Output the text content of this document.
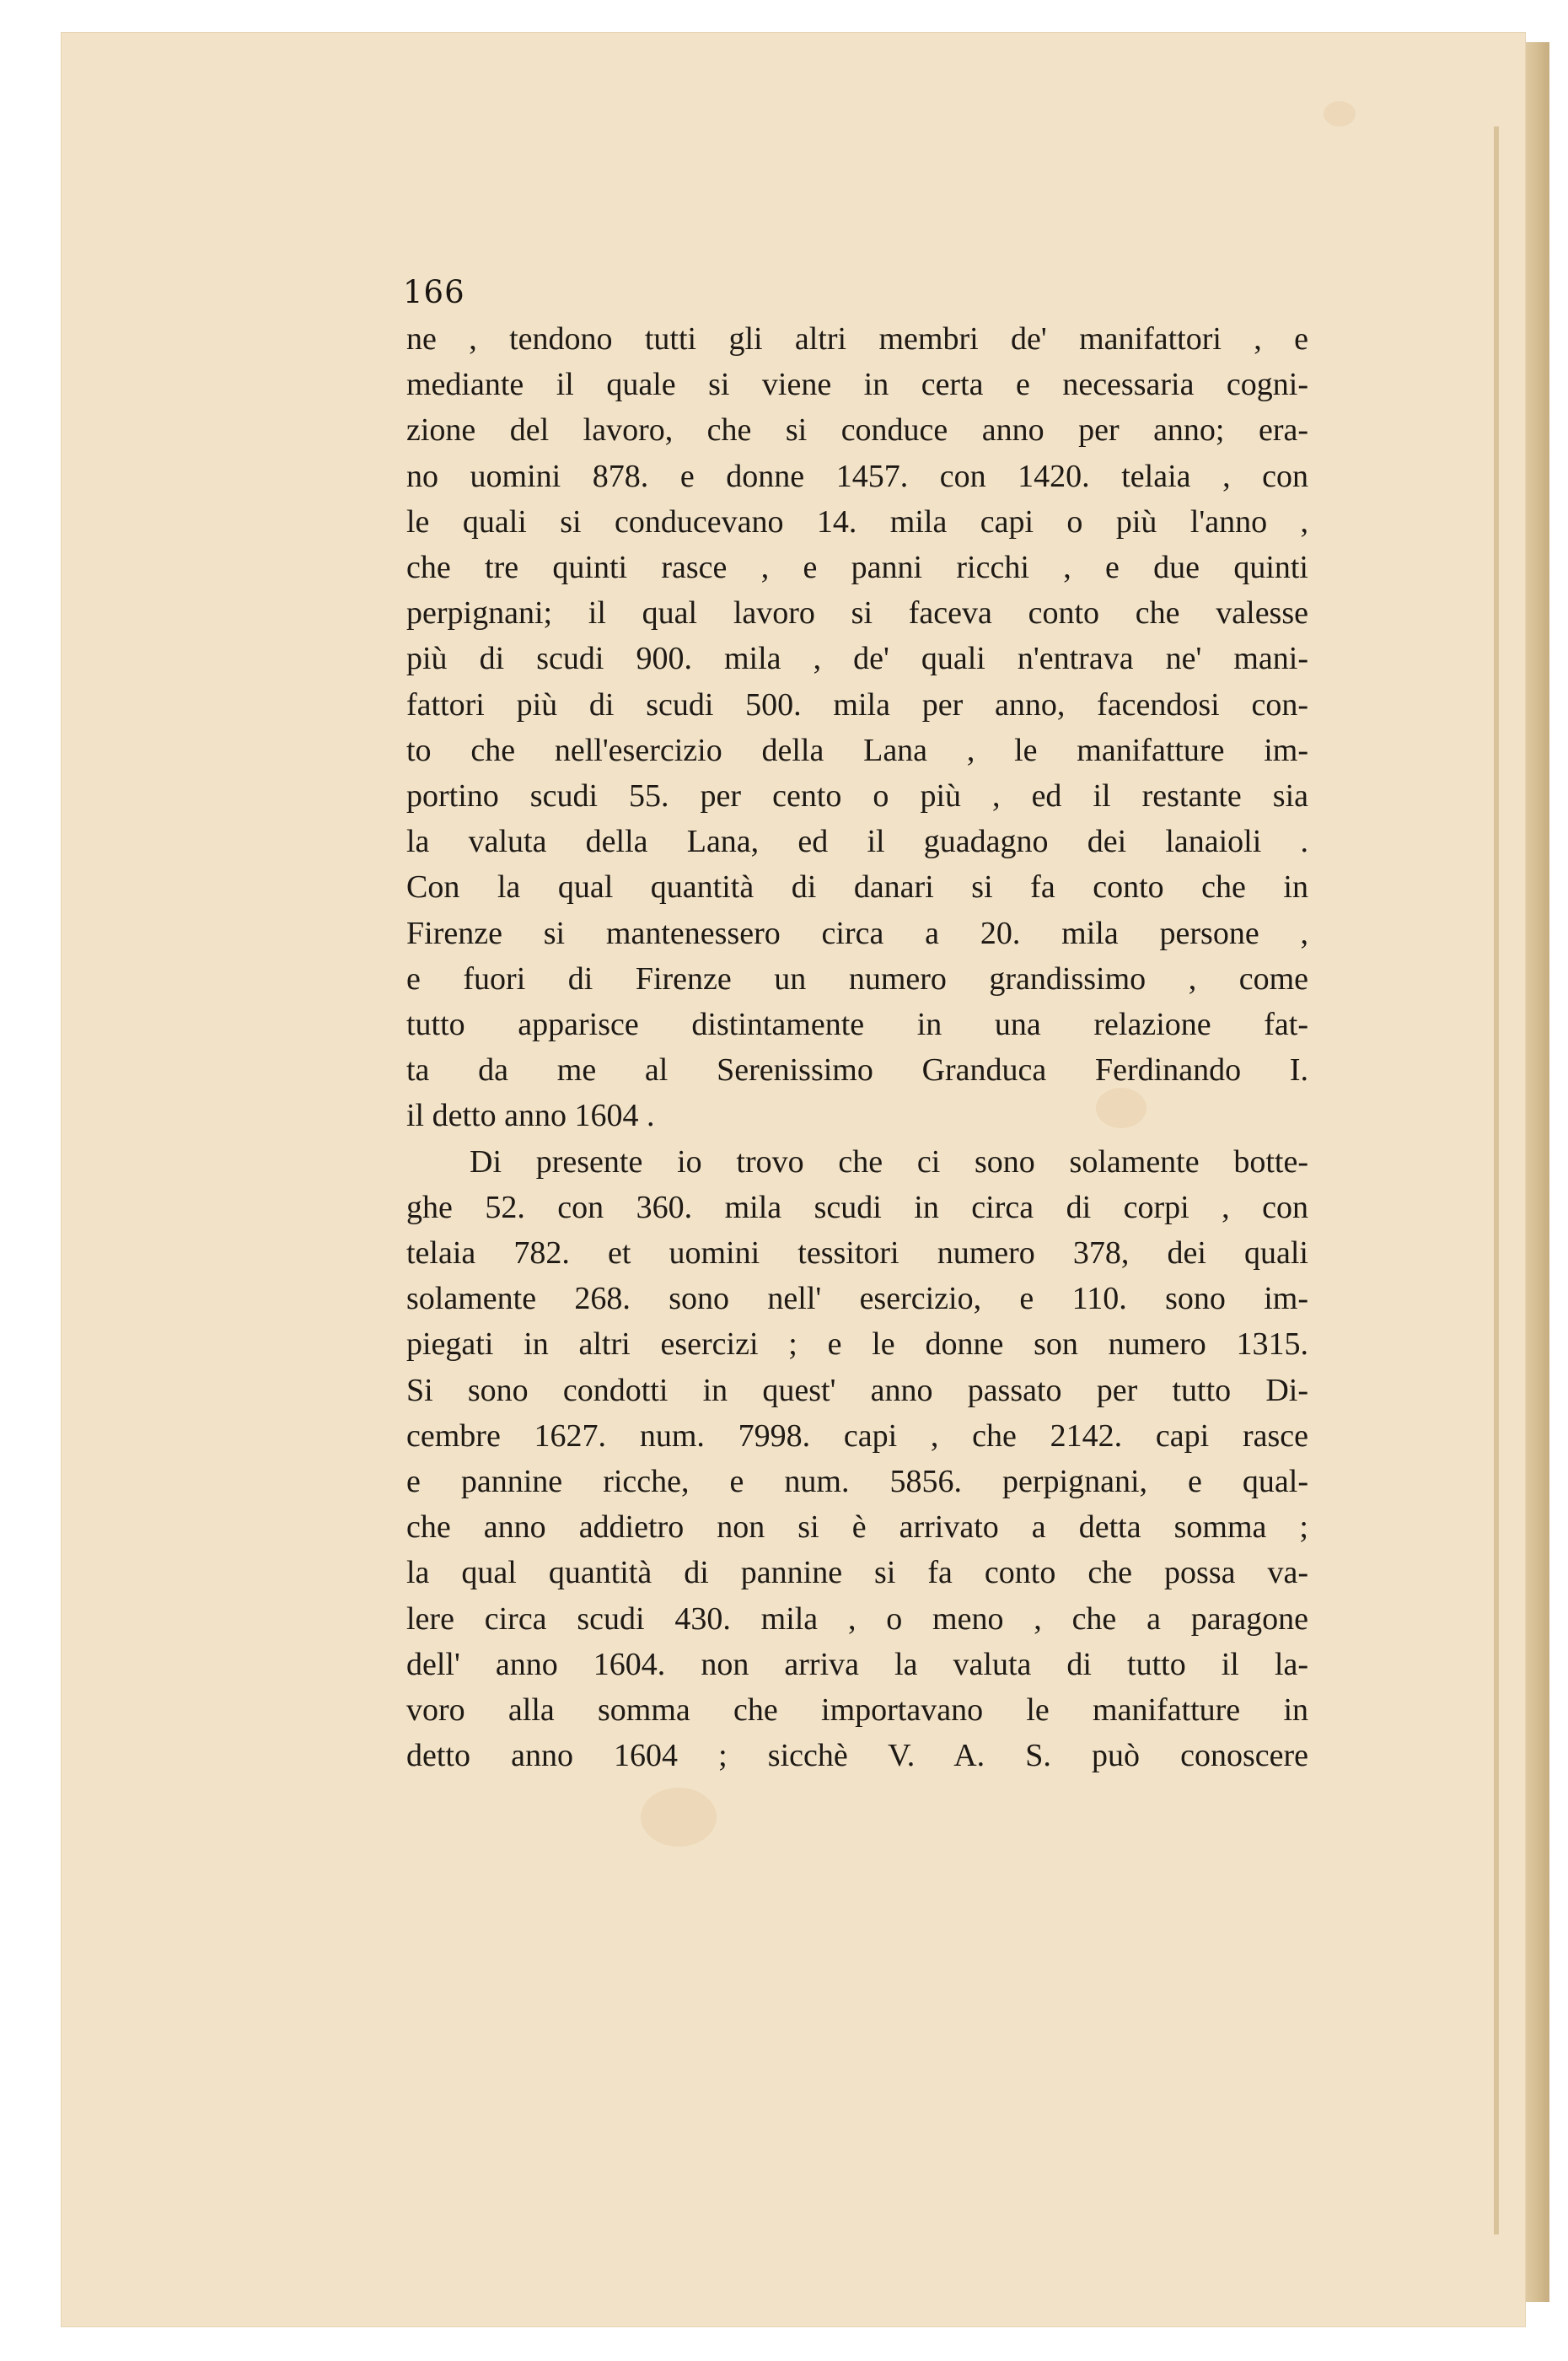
166
ne , tendono tutti gli altri membri de' manifattori , e
mediante il quale si viene in certa e necessaria cogni-
zione del lavoro, che si conduce anno per anno; era-
no uomini 878. e donne 1457. con 1420. telaia , con
le quali si conducevano 14. mila capi o più l'anno ,
che tre quinti rasce , e panni ricchi , e due quinti
perpignani; il qual lavoro si faceva conto che valesse
più di scudi 900. mila , de' quali n'entrava ne' mani-
fattori più di scudi 500. mila per anno, facendosi con-
to che nell'esercizio della Lana , le manifatture im-
portino scudi 55. per cento o più , ed il restante sia
la valuta della Lana, ed il guadagno dei lanaioli .
Con la qual quantità di danari si fa conto che in
Firenze si mantenessero circa a 20. mila persone ,
e fuori di Firenze un numero grandissimo , come
tutto apparisce distintamente in una relazione fat-
ta da me al Serenissimo Granduca Ferdinando I.
il detto anno 1604 .
Di presente io trovo che ci sono solamente botte-
ghe 52. con 360. mila scudi in circa di corpi , con
telaia 782. et uomini tessitori numero 378, dei quali
solamente 268. sono nell' esercizio, e 110. sono im-
piegati in altri esercizi ; e le donne son numero 1315.
Si sono condotti in quest' anno passato per tutto Di-
cembre 1627. num. 7998. capi , che 2142. capi rasce
e pannine ricche, e num. 5856. perpignani, e qual-
che anno addietro non si è arrivato a detta somma ;
la qual quantità di pannine si fa conto che possa va-
lere circa scudi 430. mila , o meno , che a paragone
dell' anno 1604. non arriva la valuta di tutto il la-
voro alla somma che importavano le manifatture in
detto anno 1604 ; sicchè V. A. S. può conoscere
